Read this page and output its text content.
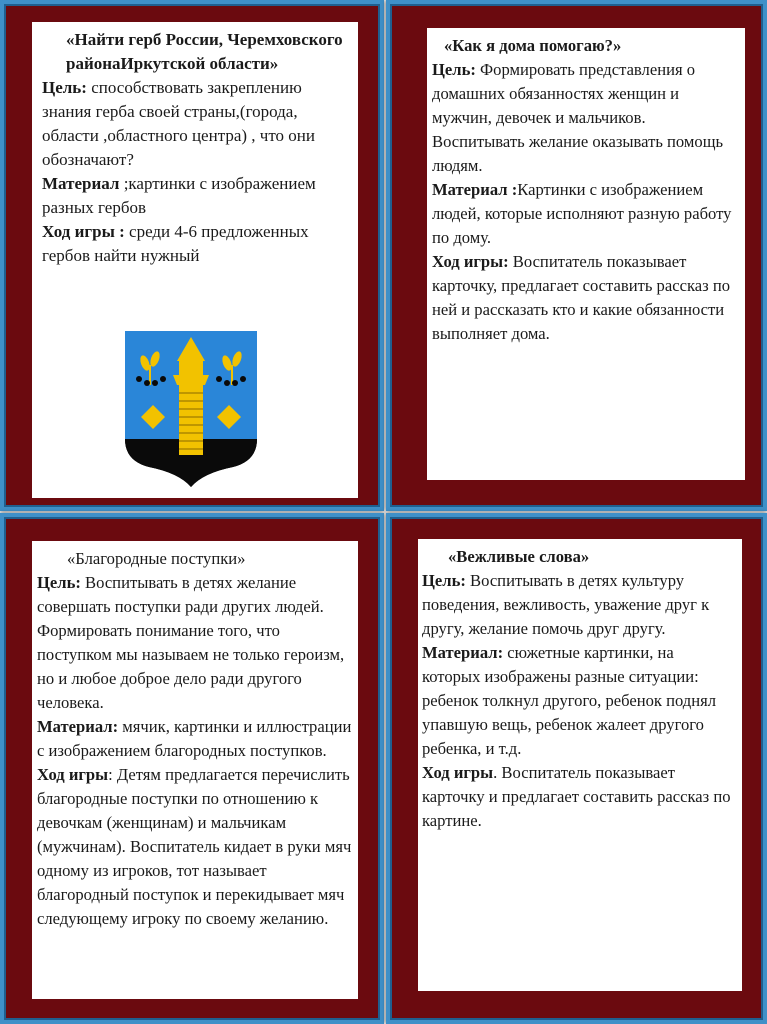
«Найти герб России, Черемховского районаИркутской области»
Цель: способствовать закреплению знания герба своей страны,(города, области ,областного центра) , что они обозначают?
Материал ;картинки с изображением разных гербов
Ход игры : среди 4-6 предложенных гербов найти нужный
«Как я дома помогаю?»
Цель: Формировать представления о домашних обязанностях женщин и мужчин, девочек и мальчиков. Воспитывать желание оказывать помощь людям.
Материал :Картинки с изображением людей, которые исполняют разную работу по дому.
Ход игры: Воспитатель показывает карточку, предлагает составить рассказ по ней и рассказать кто и какие обязанности выполняет дома.
«Благородные поступки»
Цель: Воспитывать в детях желание совершать поступки ради других людей. Формировать понимание того, что поступком мы называем не только героизм, но и любое доброе дело ради другого человека.
Материал: мячик, картинки и иллюстрации с изображением благородных поступков.
Ход игры: Детям предлагается перечислить благородные поступки по отношению к девочкам (женщинам) и мальчикам (мужчинам). Воспитатель кидает в руки мяч одному из игроков, тот называет благородный поступок и перекидывает мяч следующему игроку по своему желанию.
«Вежливые слова»
Цель: Воспитывать в детях культуру поведения, вежливость, уважение друг к другу, желание помочь друг другу.
Материал: сюжетные картинки, на которых изображены разные ситуации: ребенок толкнул другого, ребенок поднял упавшую вещь, ребенок жалеет другого ребенка, и т.д.
Ход игры. Воспитатель показывает карточку и предлагает составить рассказ по картине.
